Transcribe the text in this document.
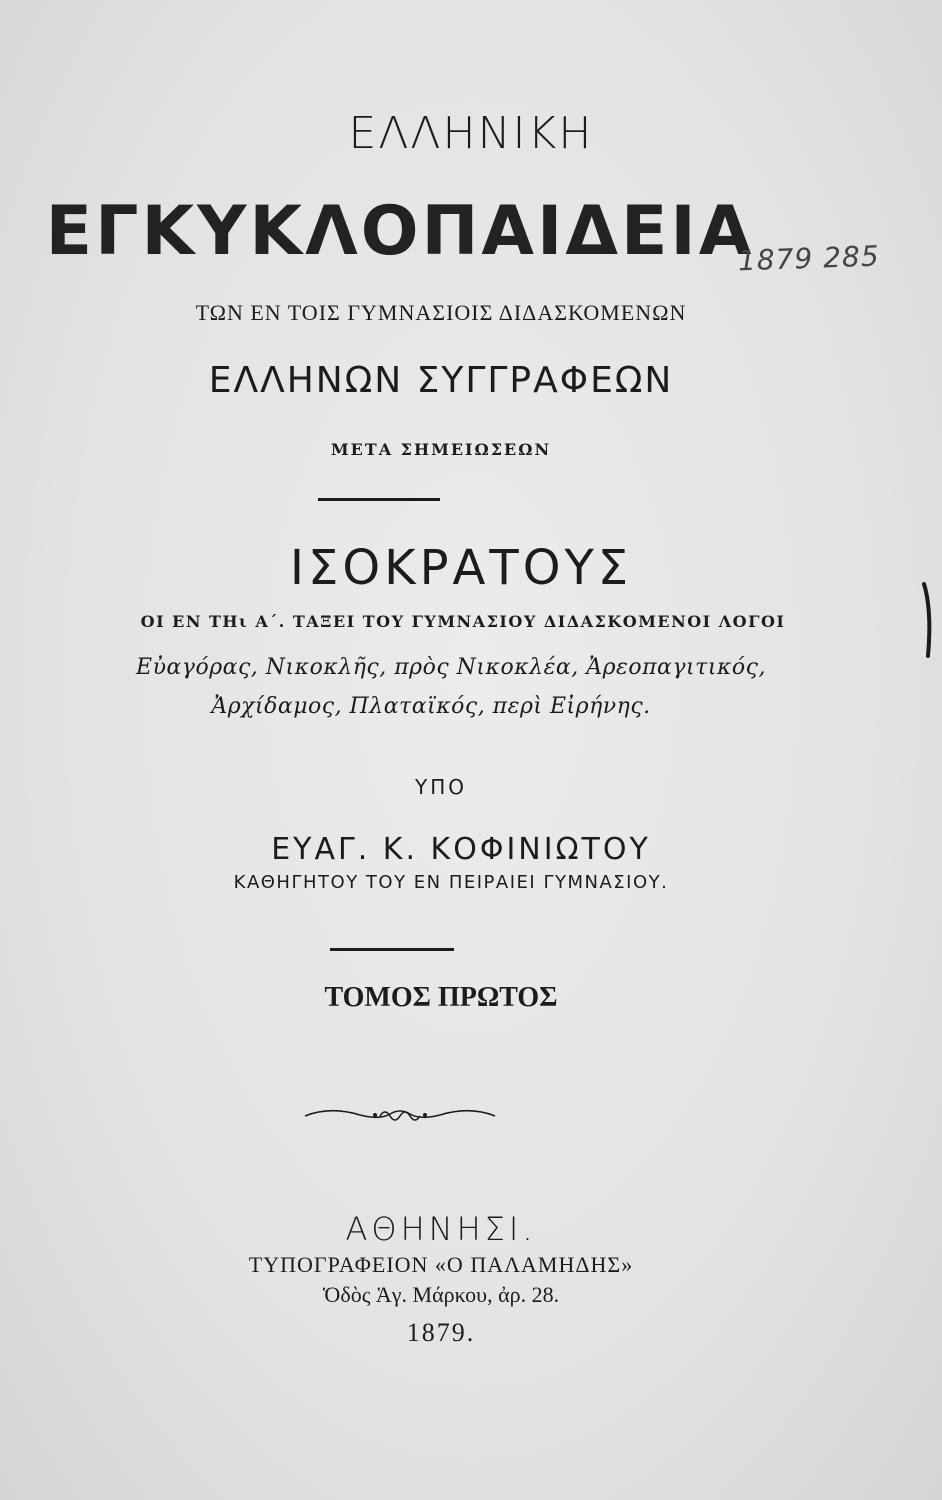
ΕΛΛΗΝΙΚΗ
ΕΓΚΥΚΛΟΠΑΙΔΕΙΑ
1879 285
ΤΩΝ ΕΝ ΤΟΙΣ ΓΥΜΝΑΣΙΟΙΣ ΔΙΔΑΣΚΟΜΕΝΩΝ
ΕΛΛΗΝΩΝ ΣΥΓΓΡΑΦΕΩΝ
ΜΕΤΑ ΣΗΜΕΙΩΣΕΩΝ
ΙΣΟΚΡΑΤΟΥΣ
ΟΙ ΕΝ ΤΗι Α΄. ΤΑΞΕΙ ΤΟΥ ΓΥΜΝΑΣΙΟΥ ΔΙΔΑΣΚΟΜΕΝΟΙ ΛΟΓΟΙ
Εὐαγόρας, Νικοκλῆς, πρὸς Νικοκλέα, Ἀρεοπαγιτικός,
Ἀρχίδαμος, Πλαταϊκός, περὶ Εἰρήνης.
ΥΠΟ
ΕΥΑΓ. Κ. ΚΟΦΙΝΙΩΤΟΥ
ΚΑΘΗΓΗΤΟΥ ΤΟΥ ΕΝ ΠΕΙΡΑΙΕΙ ΓΥΜΝΑΣΙΟΥ.
ΤΟΜΟΣ ΠΡΩΤΟΣ
ΑΘΗΝΗΣΙ.
ΤΥΠΟΓΡΑΦΕΙΟΝ «Ο ΠΑΛΑΜΗΔΗΣ»
Ὁδὸς Ἁγ. Μάρκου, ἀρ. 28.
1879.
